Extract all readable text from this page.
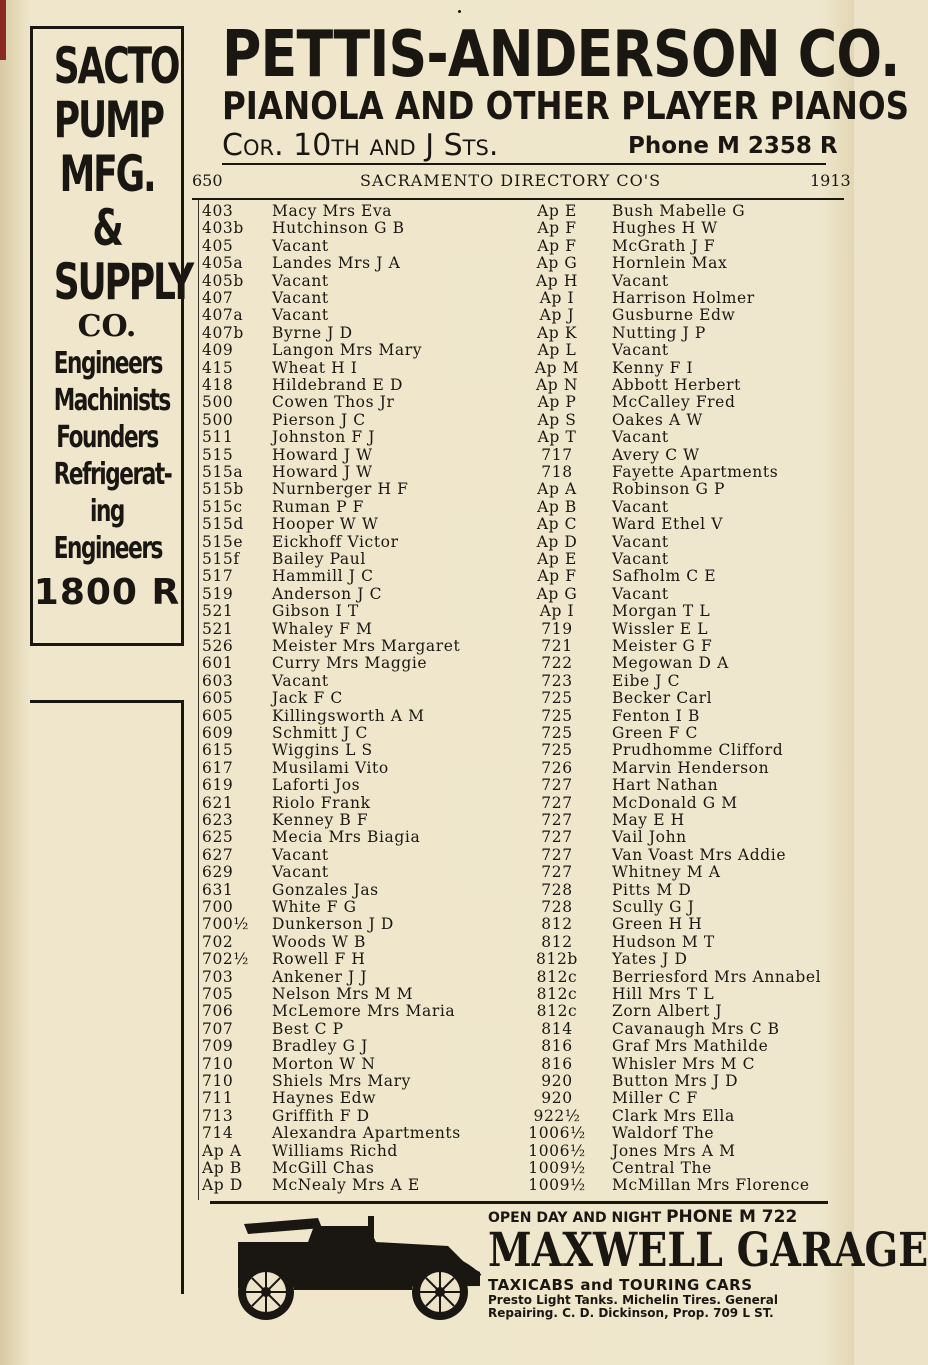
SACTO
PUMP
MFG. &
SUPPLY
CO.
Engineers
Machinists
Founders
Refrigerat-
ing
Engineers
1800 R
PETTIS-ANDERSON CO.
PIANOLA AND OTHER PLAYER PIANOS
Cor. 10th and J Sts.	Phone M 2358 R
650	SACRAMENTO DIRECTORY CO'S	1913
403 Macy Mrs Eva	Ap E	Bush Mabelle G
403b Hutchinson G B	Ap F	Hughes H W
405 Vacant	Ap F	McGrath J F
405a Landes Mrs J A	Ap G	Hornlein Max
405b Vacant	Ap H	Vacant
407 Vacant	Ap I	Harrison Holmer
407a Vacant	Ap J	Gusburne Edw
407b Byrne J D	Ap K	Nutting J P
409 Langon Mrs Mary	Ap L	Vacant
415 Wheat H I	Ap M	Kenny F I
418 Hildebrand E D	Ap N	Abbott Herbert
500 Cowen Thos Jr	Ap P	McCalley Fred
500 Pierson J C	Ap S	Oakes A W
511 Johnston F J	Ap T	Vacant
515 Howard J W	717	Avery C W
515a Howard J W	718	Fayette Apartments
515b Nurnberger H F	Ap A	Robinson G P
515c Ruman P F	Ap B	Vacant
515d Hooper W W	Ap C	Ward Ethel V
515e Eickhoff Victor	Ap D	Vacant
515f Bailey Paul	Ap E	Vacant
517 Hammill J C	Ap F	Safholm C E
519 Anderson J C	Ap G	Vacant
521 Gibson I T	Ap I	Morgan T L
521 Whaley F M	719	Wissler E L
526 Meister Mrs Margaret	721	Meister G F
601 Curry Mrs Maggie	722	Megowan D A
603 Vacant	723	Eibe J C
605 Jack F C	725	Becker Carl
605 Killingsworth A M	725	Fenton I B
609 Schmitt J C	725	Green F C
615 Wiggins L S	725	Prudhomme Clifford
617 Musilami Vito	726	Marvin Henderson
619 Laforti Jos	727	Hart Nathan
621 Riolo Frank	727	McDonald G M
623 Kenney B F	727	May E H
625 Mecia Mrs Biagia	727	Vail John
627 Vacant	727	Van Voast Mrs Addie
629 Vacant	727	Whitney M A
631 Gonzales Jas	728	Pitts M D
700 White F G	728	Scully G J
700½ Dunkerson J D	812	Green H H
702 Woods W B	812	Hudson M T
702½ Rowell F H	812b	Yates J D
703 Ankener J J	812c	Berriesford Mrs Annabel
705 Nelson Mrs M M	812c	Hill Mrs T L
706 McLemore Mrs Maria	812c	Zorn Albert J
707 Best C P	814	Cavanaugh Mrs C B
709 Bradley G J	816	Graf Mrs Mathilde
710 Morton W N	816	Whisler Mrs M C
710 Shiels Mrs Mary	920	Button Mrs J D
711 Haynes Edw	920	Miller C F
713 Griffith F D	922½	Clark Mrs Ella
714 Alexandra Apartments	1006½	Waldorf The
Ap A Williams Richd	1006½	Jones Mrs A M
Ap B McGill Chas	1009½	Central The
Ap D McNealy Mrs A E	1009½	McMillan Mrs Florence
OPEN DAY AND NIGHT PHONE M 722
MAXWELL GARAGE
TAXICABS and TOURING CARS
Presto Light Tanks. Michelin Tires. General
Repairing. C. D. Dickinson, Prop. 709 L ST.
